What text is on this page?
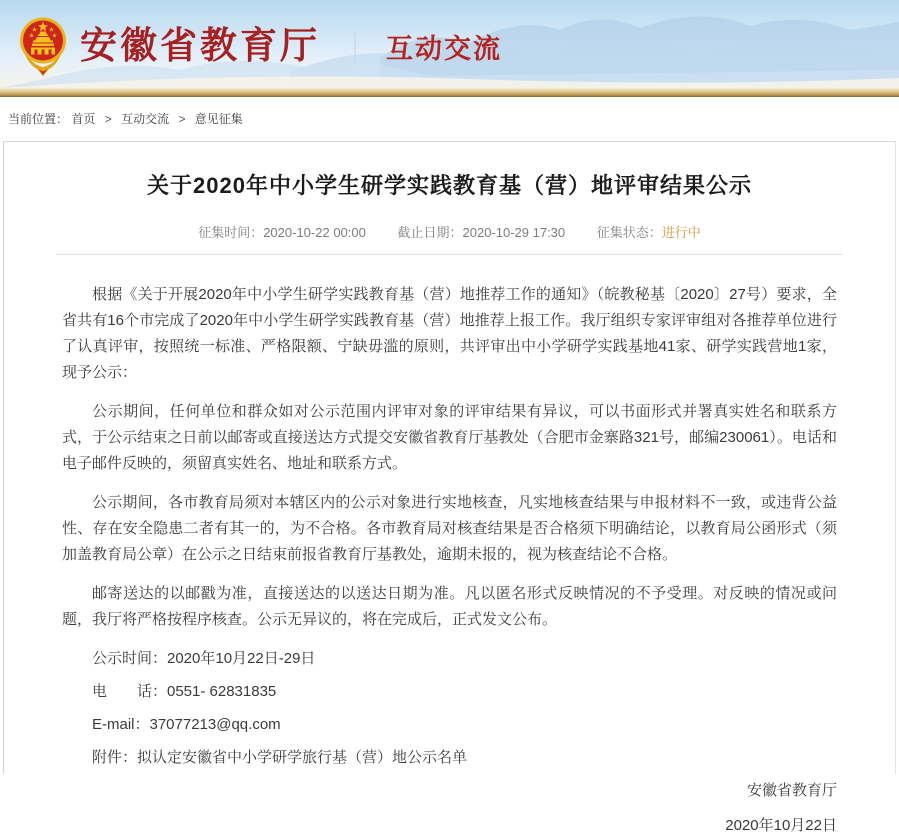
安徽省教育厅 ｜ 互动交流
当前位置： 首页 > 互动交流 > 意见征集
关于2020年中小学生研学实践教育基（营）地评审结果公示
征集时间：2020-10-22 00:00 截止日期：2020-10-29 17:30 征集状态：进行中

根据《关于开展2020年中小学生研学实践教育基（营）地推荐工作的通知》（皖教秘基〔2020〕27号）要求，全省共有16个市完成了2020年中小学生研学实践教育基（营）地推荐上报工作。我厅组织专家评审组对各推荐单位进行了认真评审，按照统一标准、严格限额、宁缺毋滥的原则，共评审出中小学研学实践基地41家、研学实践营地1家，现予公示：

公示期间，任何单位和群众如对公示范围内评审对象的评审结果有异议，可以书面形式并署真实姓名和联系方式，于公示结束之日前以邮寄或直接送达方式提交安徽省教育厅基教处（合肥市金寨路321号，邮编230061）。电话和电子邮件反映的，须留真实姓名、地址和联系方式。

公示期间，各市教育局须对本辖区内的公示对象进行实地核查，凡实地核查结果与申报材料不一致，或违背公益性、存在安全隐患二者有其一的，为不合格。各市教育局对核查结果是否合格须下明确结论，以教育局公函形式（须加盖教育局公章）在公示之日结束前报省教育厅基教处，逾期未报的，视为核查结论不合格。

邮寄送达的以邮戳为准，直接送达的以送达日期为准。凡以匿名形式反映情况的不予受理。对反映的情况或问题，我厅将严格按程序核查。公示无异议的，将在完成后，正式发文公布。

公示时间：2020年10月22日-29日

电　　话：0551- 62831835

E-mail：37077213@qq.com

附件：拟认定安徽省中小学研学旅行基（营）地公示名单

安徽省教育厅
2020年10月22日
